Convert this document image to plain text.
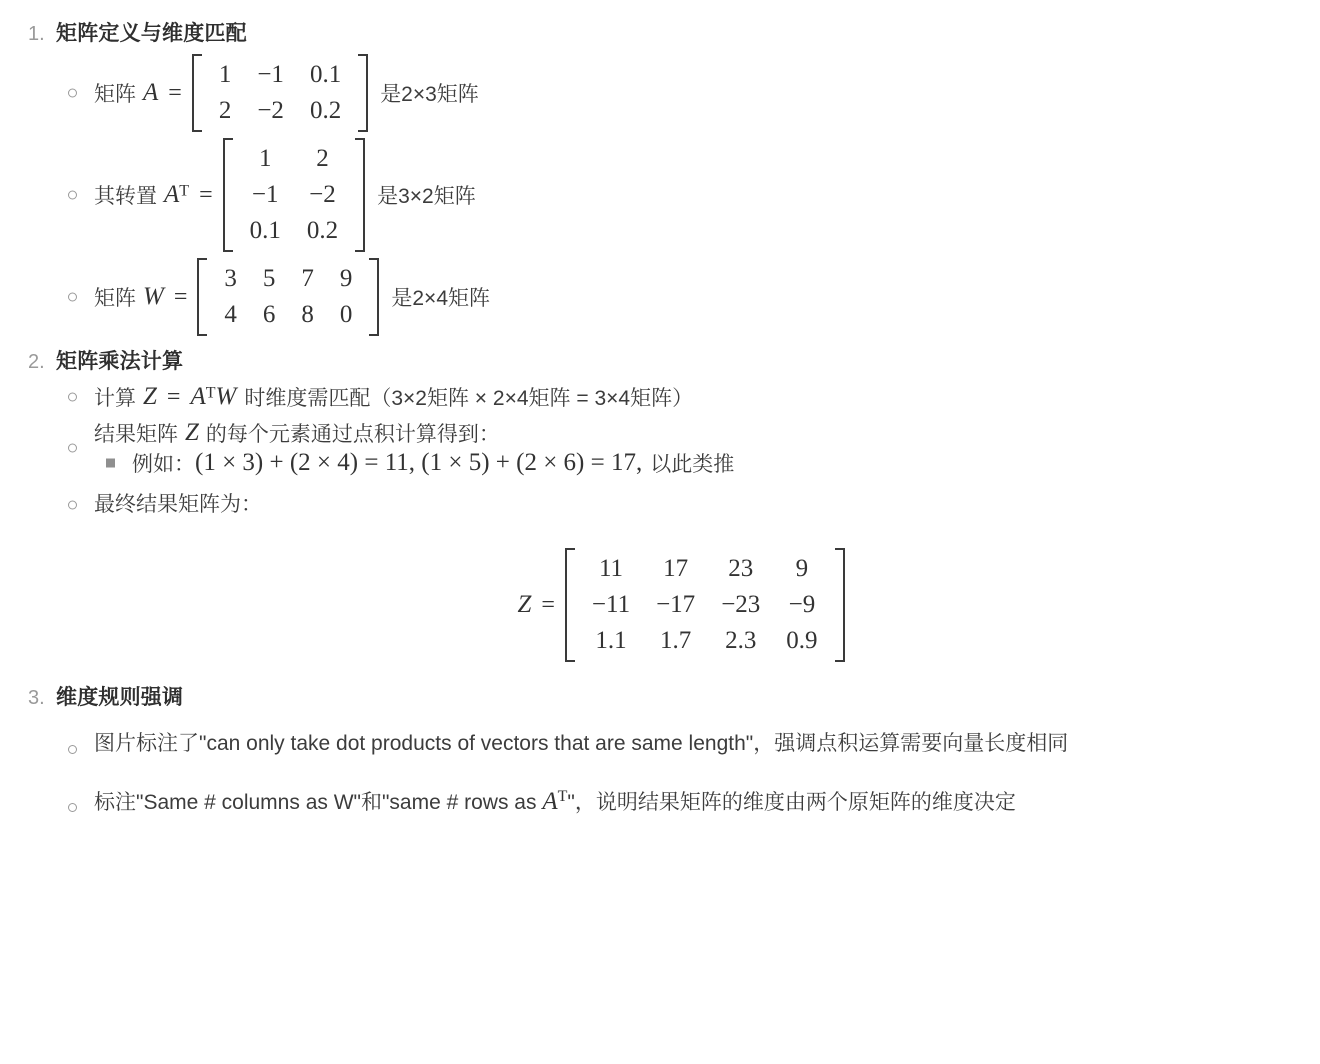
1. 矩阵定义与维度匹配
矩阵 A =
1	−1	0.1
2	−2	0.2
是2×3矩阵
其转置 AT =
1	2
−1	−2
0.1	0.2
是3×2矩阵
矩阵 W =
3	5	7	9
4	6	8	0
是2×4矩阵
2. 矩阵乘法计算
计算 Z = ATW 时维度需匹配（3×2矩阵 × 2×4矩阵 = 3×4矩阵）
结果矩阵 Z 的每个元素通过点积计算得到：
例如： (1 × 3) + (2 × 4) = 11, (1 × 5) + (2 × 6) = 17, 以此类推
最终结果矩阵为：
Z =
11	17	23	9
−11	−17	−23	−9
1.1	1.7	2.3	0.9
3. 维度规则强调
图片标注了"can only take dot products of vectors that are same length"，强调点积运算需要向量长度相同
标注"Same # columns as W"和"same # rows as $A^T$"，说明结果矩阵的维度由两个原矩阵的维度决定
